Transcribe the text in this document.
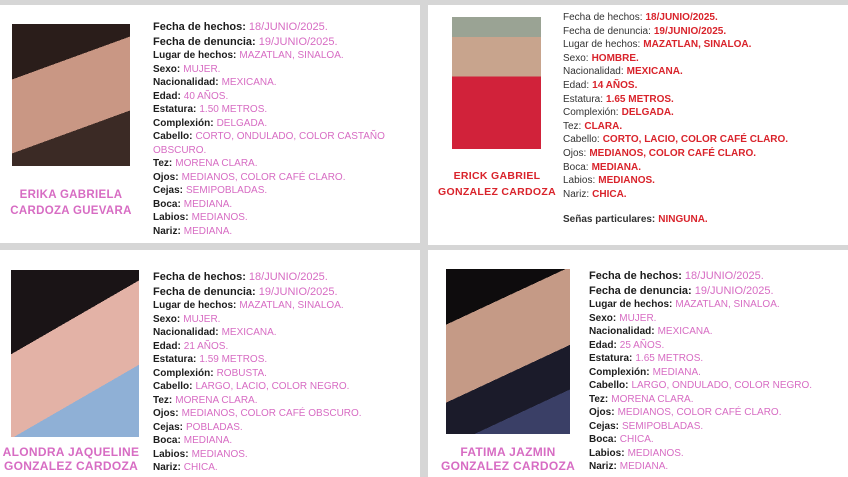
ERIKA GABRIELA
CARDOZA GUEVARA
Fecha de hechos: 18/JUNIO/2025.
Fecha de denuncia: 19/JUNIO/2025.
Lugar de hechos: MAZATLAN, SINALOA.
Sexo: MUJER.
Nacionalidad: MEXICANA.
Edad: 40 AÑOS.
Estatura: 1.50 METROS.
Complexión: DELGADA.
Cabello: CORTO, ONDULADO, COLOR CASTAÑO OBSCURO.
Tez: MORENA CLARA.
Ojos: MEDIANOS, COLOR CAFÉ CLARO.
Cejas: SEMIPOBLADAS.
Boca: MEDIANA.
Labios: MEDIANOS.
Nariz: MEDIANA.
ERICK GABRIEL
GONZALEZ CARDOZA
Fecha de hechos: 18/JUNIO/2025.
Fecha de denuncia: 19/JUNIO/2025.
Lugar de hechos: MAZATLAN, SINALOA.
Sexo: HOMBRE.
Nacionalidad: MEXICANA.
Edad: 14 AÑOS.
Estatura: 1.65 METROS.
Complexión: DELGADA.
Tez: CLARA.
Cabello: CORTO, LACIO, COLOR CAFÉ CLARO.
Ojos: MEDIANOS, COLOR CAFÉ CLARO.
Boca: MEDIANA.
Labios: MEDIANOS.
Nariz: CHICA.
Señas particulares: NINGUNA.
ALONDRA JAQUELINE
GONZALEZ CARDOZA
Fecha de hechos: 18/JUNIO/2025.
Fecha de denuncia: 19/JUNIO/2025.
Lugar de hechos: MAZATLAN, SINALOA.
Sexo: MUJER.
Nacionalidad: MEXICANA.
Edad: 21 AÑOS.
Estatura: 1.59 METROS.
Complexión: ROBUSTA.
Cabello: LARGO, LACIO, COLOR NEGRO.
Tez: MORENA CLARA.
Ojos: MEDIANOS, COLOR CAFÉ OBSCURO.
Cejas: POBLADAS.
Boca: MEDIANA.
Labios: MEDIANOS.
Nariz: CHICA.
FATIMA JAZMIN
GONZALEZ CARDOZA
Fecha de hechos: 18/JUNIO/2025.
Fecha de denuncia: 19/JUNIO/2025.
Lugar de hechos: MAZATLAN, SINALOA.
Sexo: MUJER.
Nacionalidad: MEXICANA.
Edad: 25 AÑOS.
Estatura: 1.65 METROS.
Complexión: MEDIANA.
Cabello: LARGO, ONDULADO, COLOR NEGRO.
Tez: MORENA CLARA.
Ojos: MEDIANOS, COLOR CAFÉ CLARO.
Cejas: SEMIPOBLADAS.
Boca: CHICA.
Labios: MEDIANOS.
Nariz: MEDIANA.
